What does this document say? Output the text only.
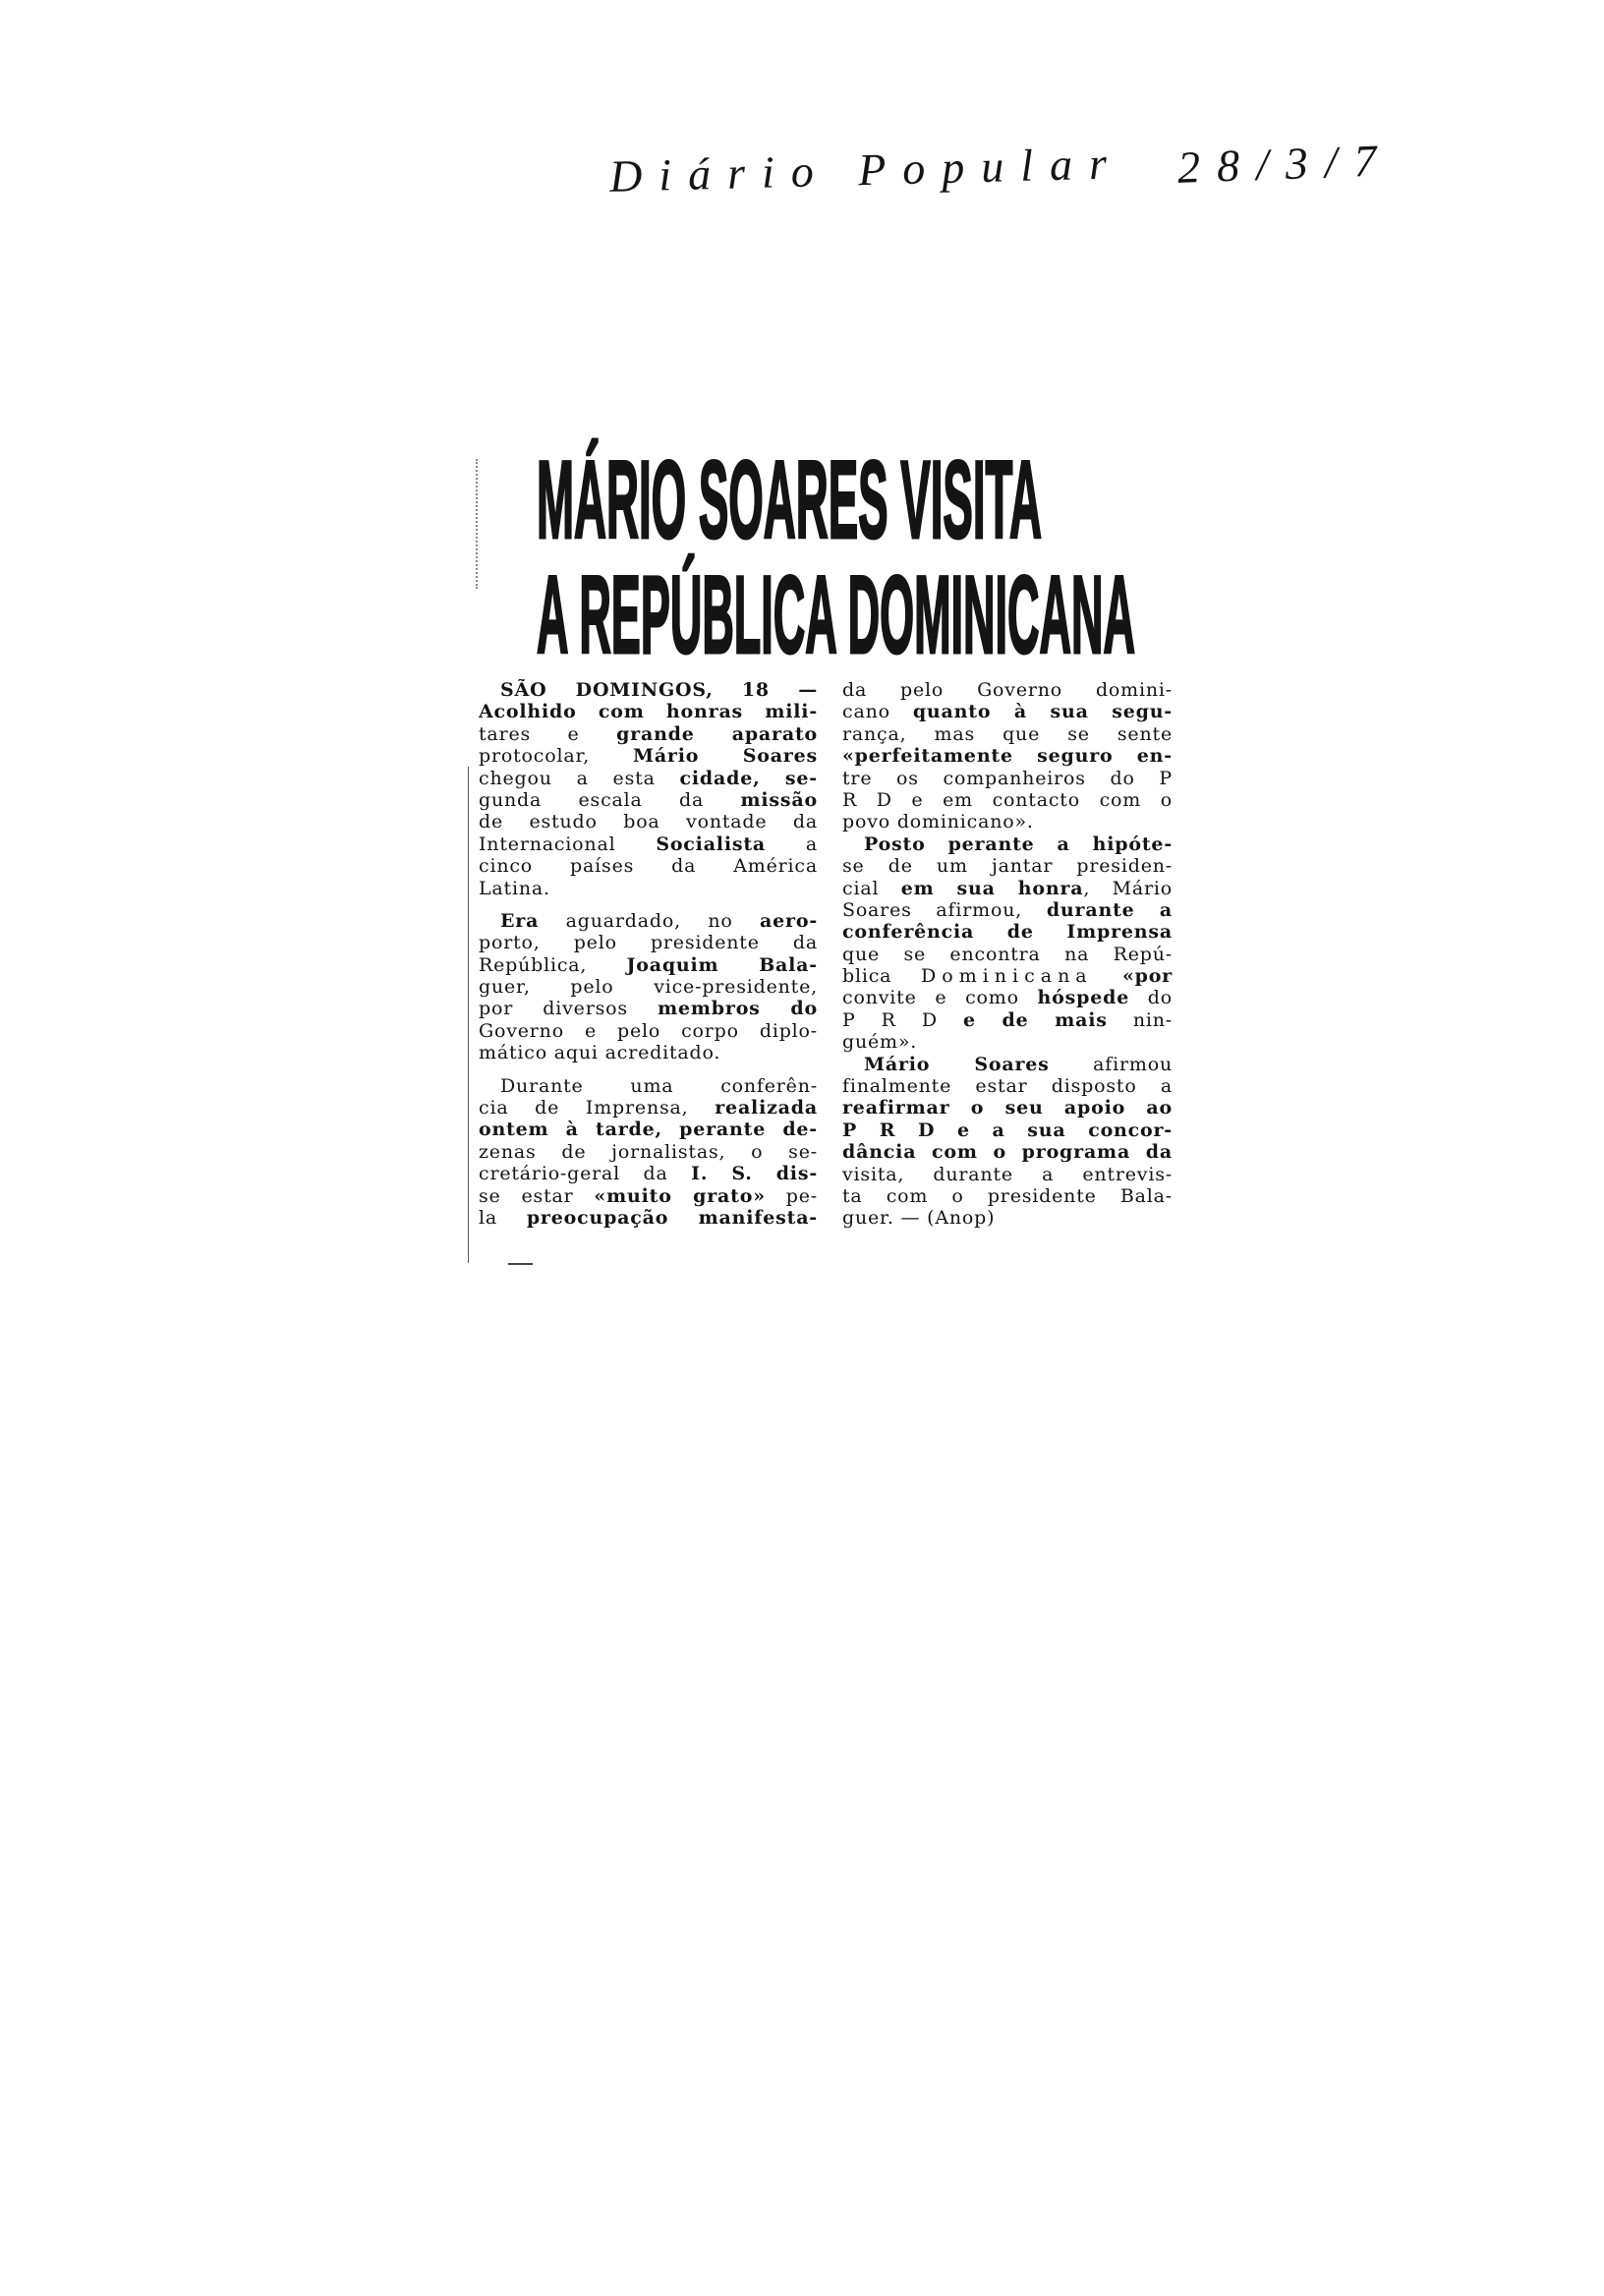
Diário Popular 28/3/7
MÁRIO SOARES VISITA
A REPÚBLICA DOMINICANA
SÃO DOMINGOS, 18 —
Acolhido com honras mili-
tares e grande aparato
protocolar, Mário Soares
chegou a esta cidade, se-
gunda escala da missão
de estudo boa vontade da
Internacional Socialista a
cinco países da América
Latina.
Era aguardado, no aero-
porto, pelo presidente da
República, Joaquim Bala-
guer, pelo vice-presidente,
por diversos membros do
Governo e pelo corpo diplo-
mático aqui acreditado.
Durante uma conferên-
cia de Imprensa, realizada
ontem à tarde, perante de-
zenas de jornalistas, o se-
cretário-geral da I. S. dis-
se estar «muito grato» pe-
la preocupação manifesta-
da pelo Governo domini-
cano quanto à sua segu-
rança, mas que se sente
«perfeitamente seguro en-
tre os companheiros do P
R D e em contacto com o
povo dominicano».
Posto perante a hipóte-
se de um jantar presiden-
cial em sua honra, Mário
Soares afirmou, durante a
conferência de Imprensa
que se encontra na Repú-
blica Dominicana «por
convite e como hóspede do
P R D e de mais nin-
guém».
Mário Soares afirmou
finalmente estar disposto a
reafirmar o seu apoio ao
P R D e a sua concor-
dância com o programa da
visita, durante a entrevis-
ta com o presidente Bala-
guer. — (Anop)
